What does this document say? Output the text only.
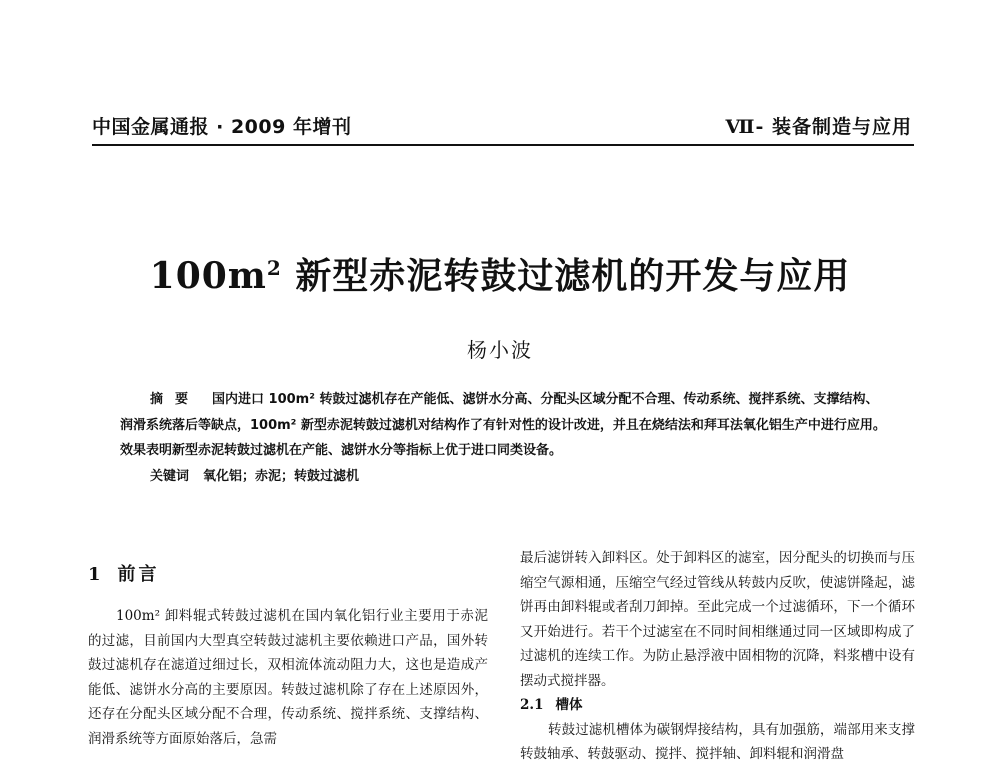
中国金属通报 · 2009 年增刊	Ⅶ- 装备制造与应用
$100m^2$ 新型赤泥转鼓过滤机的开发与应用
杨小波
摘要 国内进口 100m² 转鼓过滤机存在产能低、滤饼水分高、分配头区域分配不合理、传动系统、搅拌系统、支撑结构、润滑系统落后等缺点，100m² 新型赤泥转鼓过滤机对结构作了有针对性的设计改进，并且在烧结法和拜耳法氧化铝生产中进行应用。效果表明新型赤泥转鼓过滤机在产能、滤饼水分等指标上优于进口同类设备。
关键词 氧化铝；赤泥；转鼓过滤机
1 前言

100m² 卸料辊式转鼓过滤机在国内氧化铝行业主要用于赤泥的过滤，目前国内大型真空转鼓过滤机主要依赖进口产品，国外转鼓过滤机存在滤道过细过长，双相流体流动阻力大，这也是造成产能低、滤饼水分高的主要原因。转鼓过滤机除了存在上述原因外，还存在分配头区域分配不合理，传动系统、搅拌系统、支撑结构、润滑系统等方面原始落后，急需

最后滤饼转入卸料区。处于卸料区的滤室，因分配头的切换而与压缩空气源相通，压缩空气经过管线从转鼓内反吹，使滤饼隆起，滤饼再由卸料辊或者刮刀卸掉。至此完成一个过滤循环，下一个循环又开始进行。若干个过滤室在不同时间相继通过同一区域即构成了过滤机的连续工作。为防止悬浮液中固相物的沉降，料浆槽中设有摆动式搅拌器。

2.1 槽体

转鼓过滤机槽体为碳钢焊接结构，具有加强筋，端部用来支撑转鼓轴承、转鼓驱动、搅拌、搅拌轴、卸料辊和润滑盘
